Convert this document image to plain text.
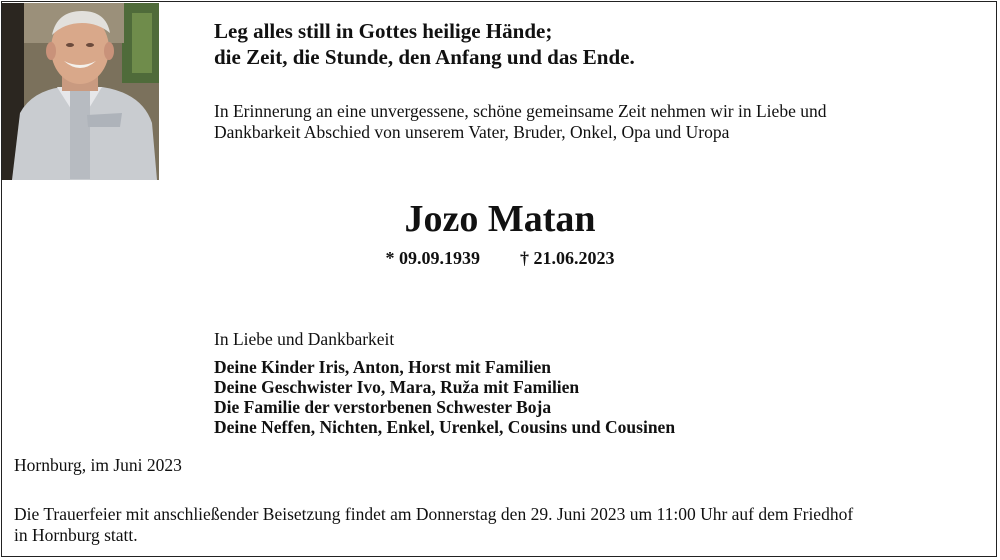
Leg alles still in Gottes heilige Hände;
die Zeit, die Stunde, den Anfang und das Ende.
In Erinnerung an eine unvergessene, schöne gemeinsame Zeit nehmen wir in Liebe und
Dankbarkeit Abschied von unserem Vater, Bruder, Onkel, Opa und Uropa
Jozo Matan
* 09.09.1939 † 21.06.2023
In Liebe und Dankbarkeit
Deine Kinder Iris, Anton, Horst mit Familien
Deine Geschwister Ivo, Mara, Ruža mit Familien
Die Familie der verstorbenen Schwester Boja
Deine Neffen, Nichten, Enkel, Urenkel, Cousins und Cousinen
Hornburg, im Juni 2023
Die Trauerfeier mit anschließender Beisetzung findet am Donnerstag den 29. Juni 2023 um 11:00 Uhr auf dem Friedhof
in Hornburg statt.
